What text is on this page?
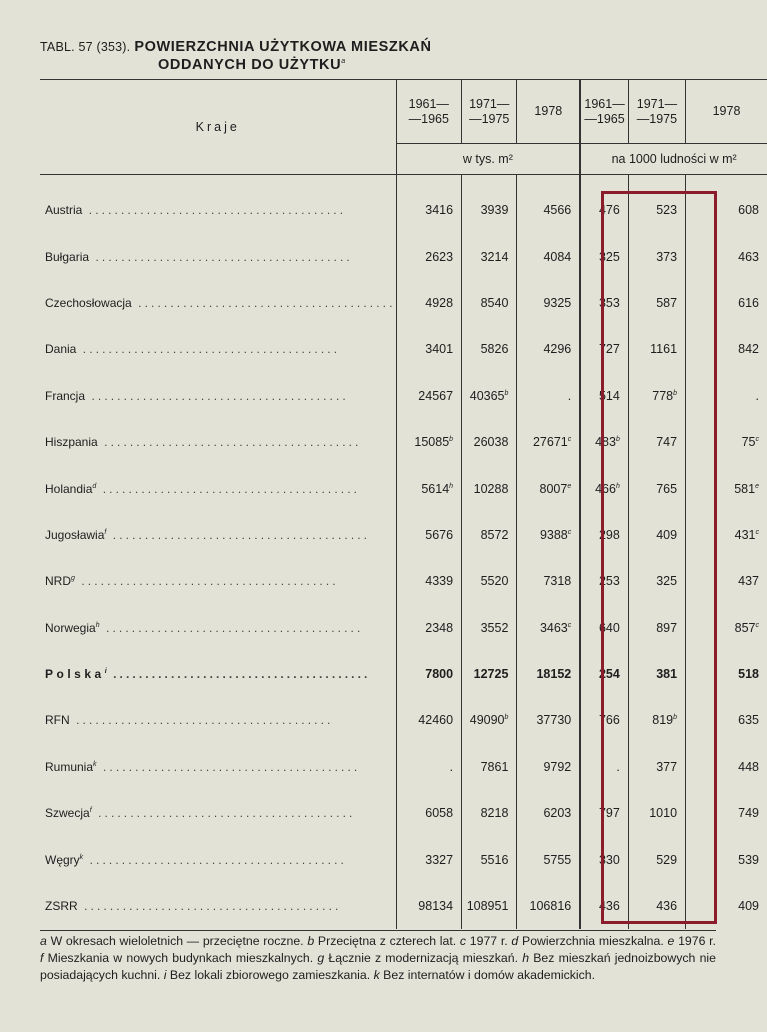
TABL. 57 (353). POWIERZCHNIA UŻYTKOWA MIESZKAŃ
ODDANYCH DO UŻYTKU$^a$
Kraje	1961—
—1965	1971—
—1975	1978	1961—
—1965	1971—
—1975	1978
	w tys. m²			na 1000 ludności w m²		

Austria ........................................	3416	3939	4566	476	523	608
Bułgaria ........................................	2623	3214	4084	325	373	463
Czechosłowacja ........................................	4928	8540	9325	353	587	616
Dania ........................................	3401	5826	4296	727	1161	842
Francja ........................................	24567	40365$^b$	.	514	778$^b$	.
Hiszpania ........................................	15085$^b$	26038	27671$^c$	483$^b$	747	75$^c$
Holandia$^d$ ........................................	5614$^h$	10288	8007e	466$^h$	765	581e
Jugosławia$^f$ ........................................	5676	8572	9388$^c$	298	409	431$^c$
NRD$^g$ ........................................	4339	5520	7318	253	325	437
Norwegia$^h$ ........................................	2348	3552	3463$^c$	640	897	857$^c$
Polska$^i$ ........................................	7800	12725	18152	254	381	518
RFN ........................................	42460	49090$^b$	37730	766	819$^b$	635
Rumunia$^k$ ........................................	.	7861	9792	.	377	448
Szwecja$^f$ ........................................	6058	8218	6203	797	1010	749
Węgry$^k$ ........................................	3327	5516	5755	330	529	539
ZSRR ........................................	98134	108951	106816	436	436	409
a W okresach wieloletnich — przeciętne roczne. b Przeciętna z czterech lat. c 1977 r. d Powierzchnia mieszkalna. e 1976 r. f Mieszkania w nowych budynkach mieszkalnych. g Łącznie z modernizacją mieszkań. h Bez mieszkań jednoizbowych nie posiadających kuchni. i Bez lokali zbiorowego zamieszkania. k Bez internatów i domów akademickich.
